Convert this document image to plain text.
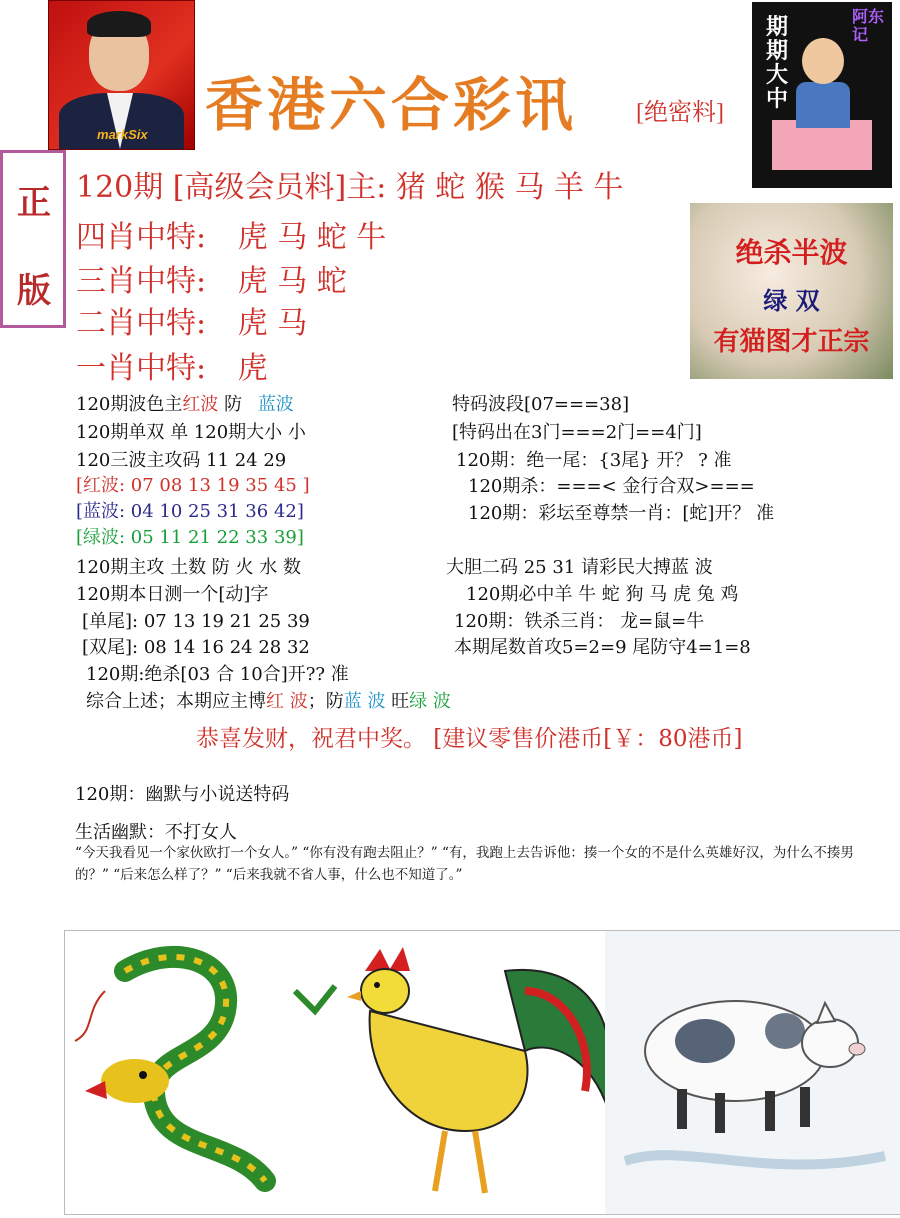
markSix 香港六合彩讯 [绝密料]
期期大中
阿东记
正
版
120期 [高级会员料]主: 猪 蛇 猴 马 羊 牛
四肖中特: 虎 马 蛇 牛
三肖中特: 虎 马 蛇
二肖中特: 虎 马
一肖中特: 虎
绝杀半波
绿 双
有猫图才正宗
120期波色主红波 防 蓝波
120期单双 单 120期大小 小
120三波主攻码 11 24 29
[红波: 07 08 13 19 35 45 ]
[蓝波: 04 10 25 31 36 42]
[绿波: 05 11 21 22 33 39]
120期主攻 土数 防 火 水 数
120期本日测一个[动]字
[单尾]: 07 13 19 21 25 39
[双尾]: 08 14 16 24 28 32
120期:绝杀[03 合 10合]开?? 准
综合上述；本期应主博红 波；防蓝 波 旺绿 波
特码波段[07===38]
[特码出在3门===2门==4门]
120期：绝一尾：{3尾} 开？ ? 准
120期杀：===< 金行合双>===
120期：彩坛至尊禁一肖：[蛇]开？ 准
大胆二码 25 31 请彩民大搏蓝 波
120期必中羊 牛 蛇 狗 马 虎 兔 鸡
120期：铁杀三肖： 龙=鼠=牛
本期尾数首攻5=2=9 尾防守4=1=8
恭喜发财，祝君中奖。 [建议零售价港币[￥：80港币]
120期：幽默与小说送特码
生活幽默：不打女人
“今天我看见一个家伙欧打一个女人。” “你有没有跑去阻止？” “有，我跑上去告诉他：揍一个女的不是什么英雄好汉，为什么不揍男的？” “后来怎么样了？” “后来我就不省人事，什么也不知道了。”
